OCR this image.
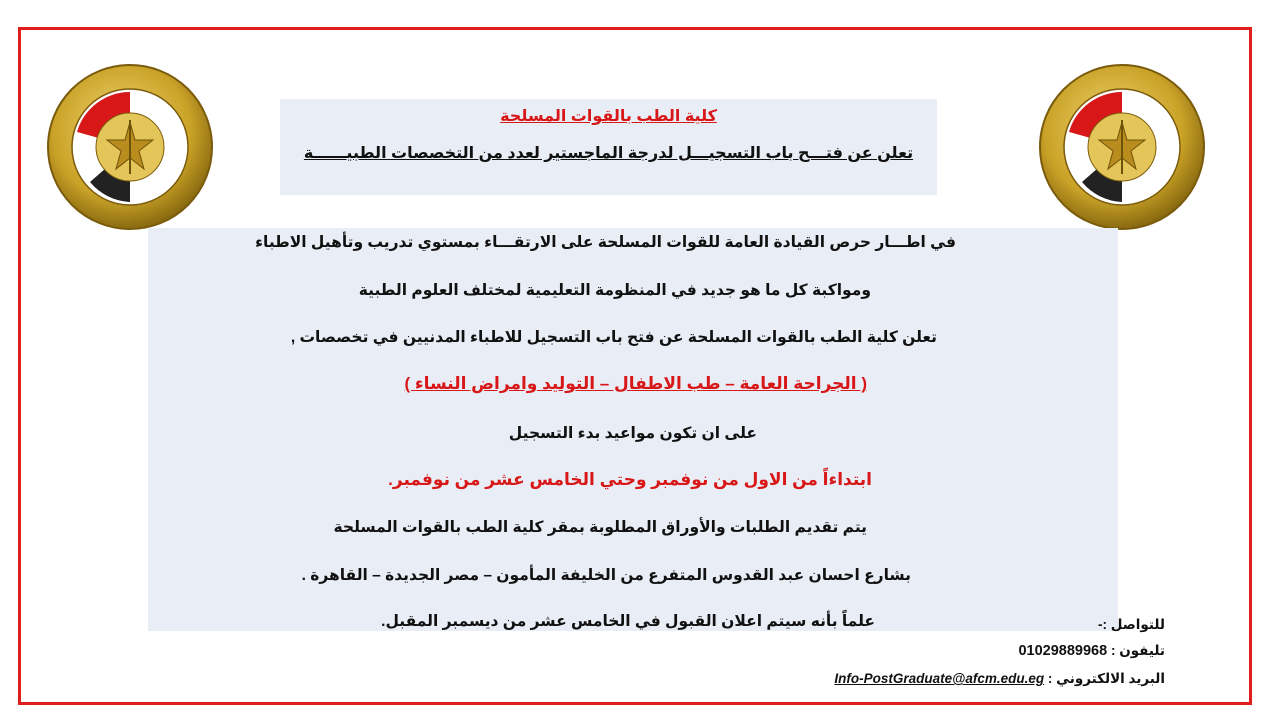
كلية الطب بالقوات المسلحة
تعلن عن فتـــح باب التسجيـــل لدرجة الماجستير لعدد من التخصصات الطبيــــــة
في اطـــار حرص القيادة العامة للقوات المسلحة على الارتقـــاء بمستوي تدريب وتأهيل الاطباء
ومواكبة كل ما هو جديد في المنظومة التعليمية لمختلف العلوم الطبية
تعلن كلية الطب بالقوات المسلحة عن فتح باب التسجيل للاطباء المدنيين في تخصصات ,
( الجراحة العامة – طب الاطفال – التوليد وامراض النساء )
على ان تكون مواعيد بدء التسجيل
ابتداءاً من الاول من نوفمبر وحتي الخامس عشر من نوفمبر.
يتم تقديم الطلبات والأوراق المطلوبة بمقر كلية الطب بالقوات المسلحة
بشارع احسان عبد القدوس المتفرع من الخليفة المأمون – مصر الجديدة – القاهرة .
علماً بأنه سيتم اعلان القبول في الخامس عشر من ديسمبر المقبل.	للتواصل :-
تليفون : 01029889968
البريد الالكتروني : Info-PostGraduate@afcm.edu.eg
